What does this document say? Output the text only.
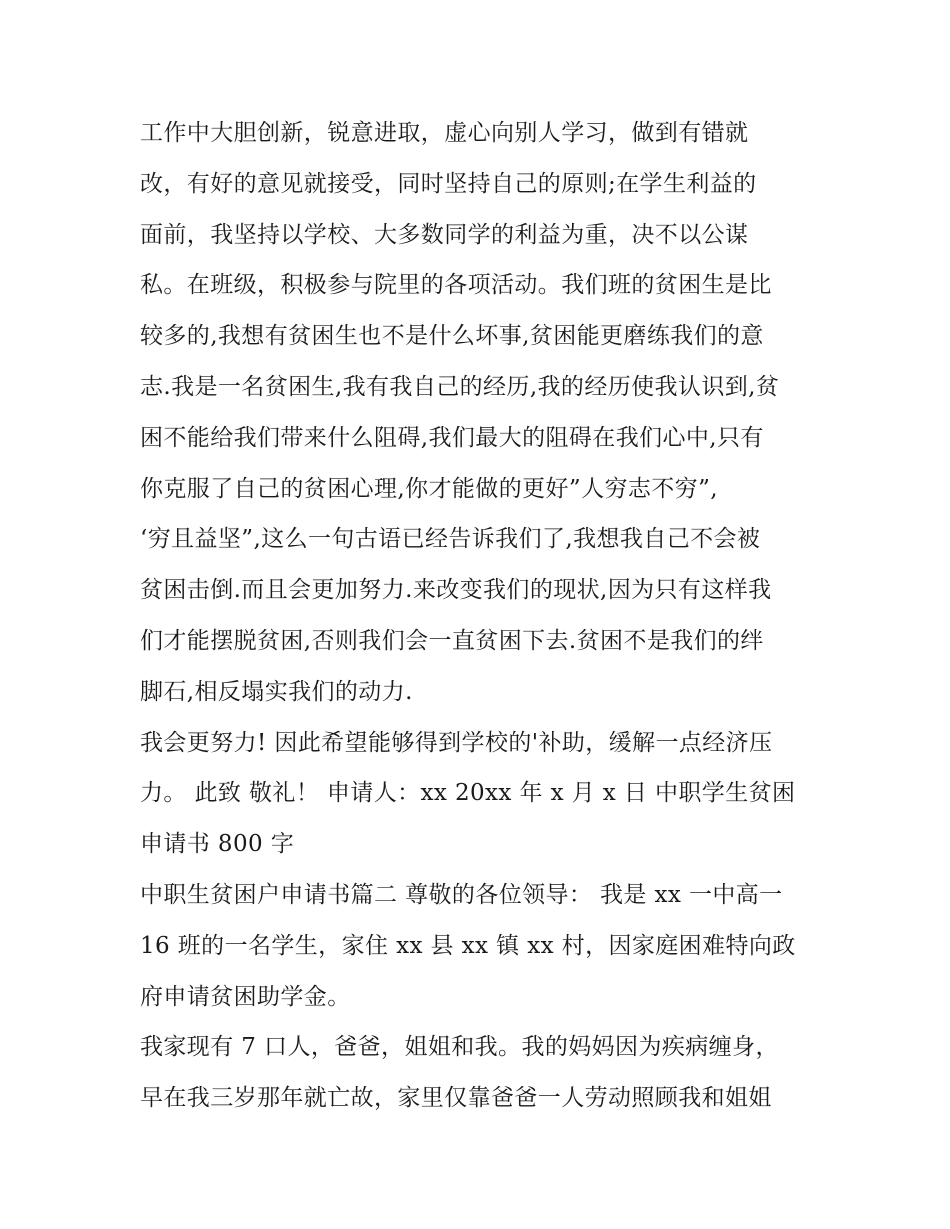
工作中大胆创新，锐意进取，虚心向别人学习，做到有错就
改，有好的意见就接受，同时坚持自己的原则;在学生利益的
面前，我坚持以学校、大多数同学的利益为重，决不以公谋
私。在班级，积极参与院里的各项活动。我们班的贫困生是比
较多的,我想有贫困生也不是什么坏事,贫困能更磨练我们的意
志.我是一名贫困生,我有我自己的经历,我的经历使我认识到,贫
困不能给我们带来什么阻碍,我们最大的阻碍在我们心中,只有
你克服了自己的贫困心理,你才能做的更好”人穷志不穷”,
‘穷且益坚”,这么一句古语已经告诉我们了,我想我自己不会被
贫困击倒.而且会更加努力.来改变我们的现状,因为只有这样我
们才能摆脱贫困,否则我们会一直贫困下去.贫困不是我们的绊
脚石,相反塌实我们的动力.
我会更努力! 因此希望能够得到学校的'补助，缓解一点经济压
力。 此致 敬礼！ 申请人：xx 20xx 年 x 月 x 日 中职学生贫困
申请书 800 字
中职生贫困户申请书篇二 尊敬的各位领导： 我是 xx 一中高一
16 班的一名学生，家住 xx 县 xx 镇 xx 村，因家庭困难特向政
府申请贫困助学金。
我家现有 7 口人，爸爸，姐姐和我。我的妈妈因为疾病缠身，
早在我三岁那年就亡故，家里仅靠爸爸一人劳动照顾我和姐姐
